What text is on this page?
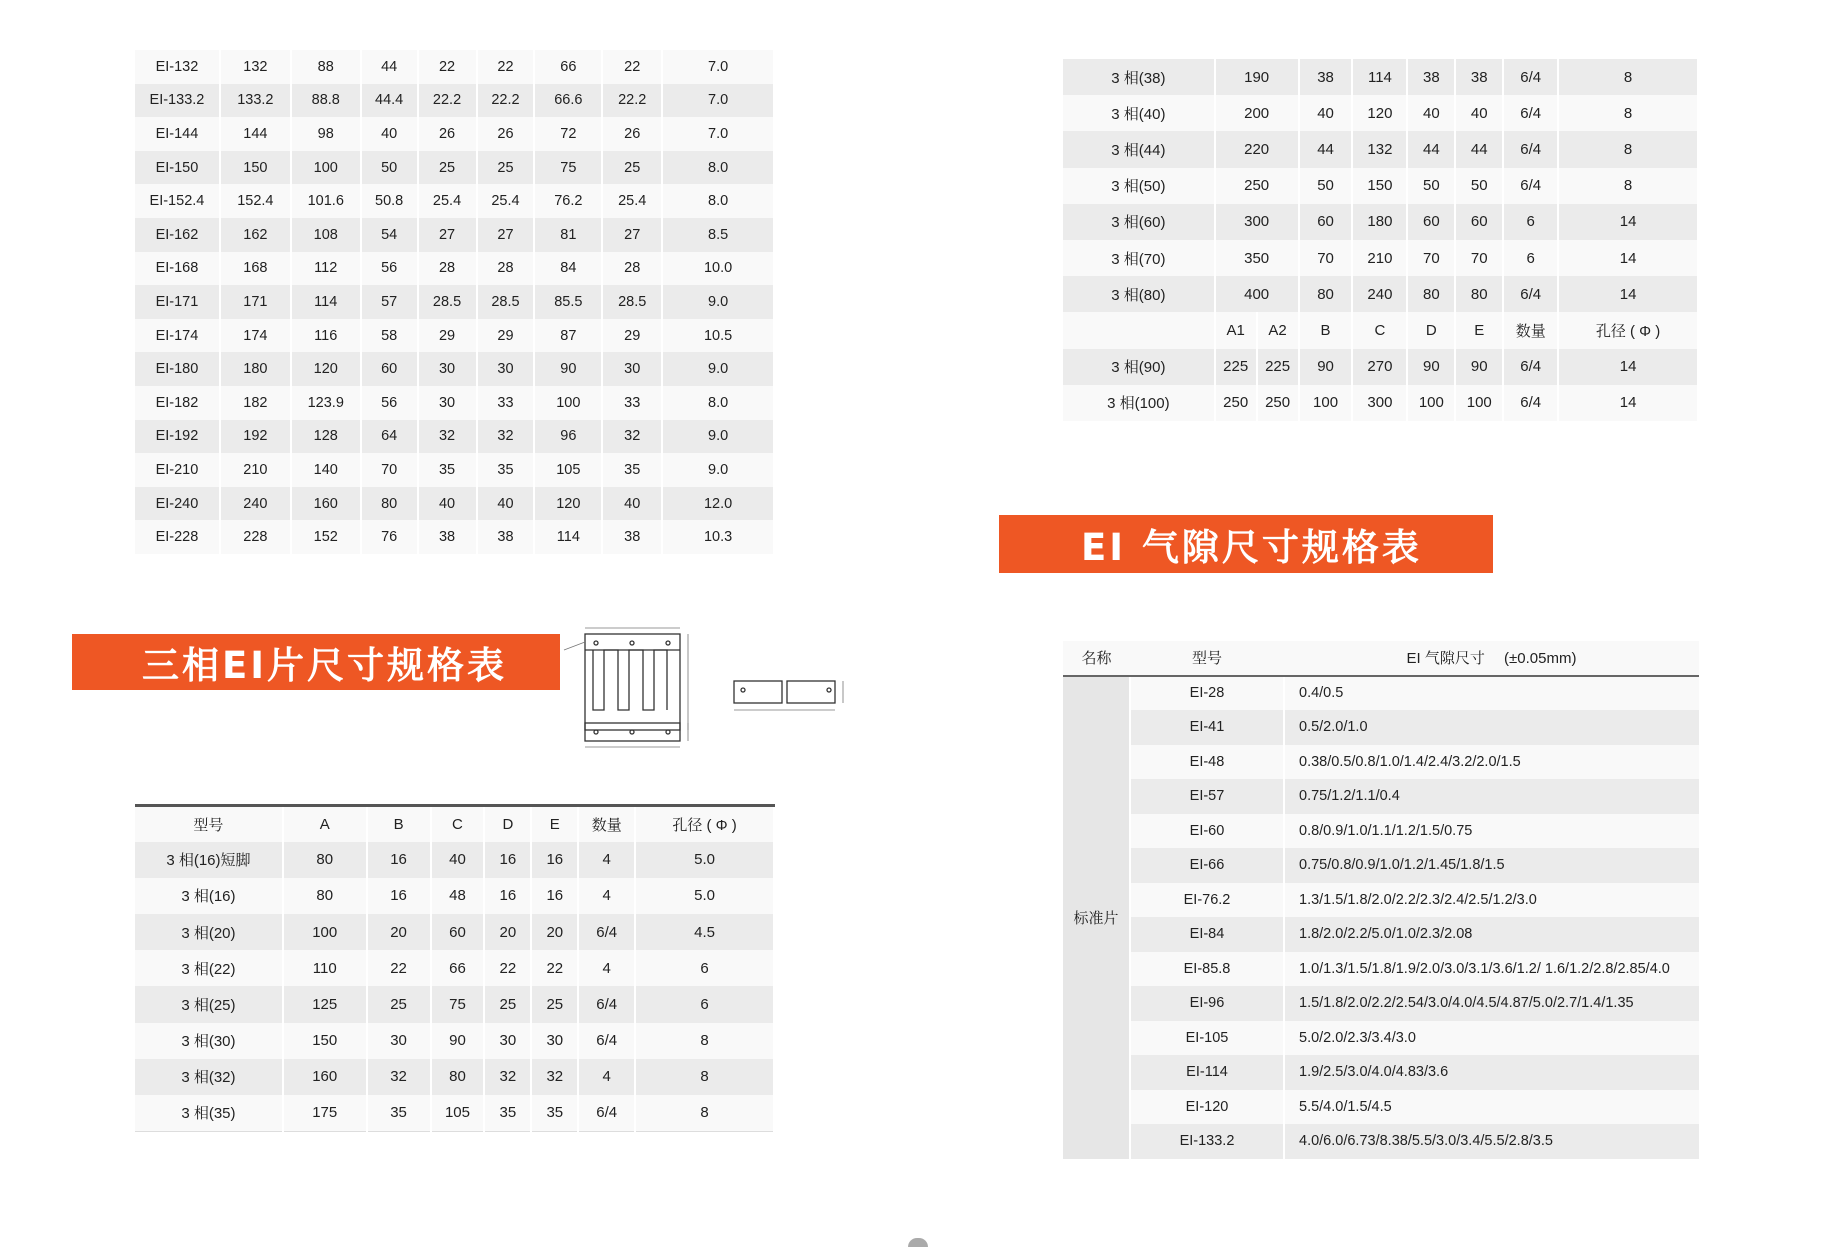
EI-132	132	88	44	22	22	66	22	7.0
EI-133.2	133.2	88.8	44.4	22.2	22.2	66.6	22.2	7.0
EI-144	144	98	40	26	26	72	26	7.0
EI-150	150	100	50	25	25	75	25	8.0
EI-152.4	152.4	101.6	50.8	25.4	25.4	76.2	25.4	8.0
EI-162	162	108	54	27	27	81	27	8.5
EI-168	168	112	56	28	28	84	28	10.0
EI-171	171	114	57	28.5	28.5	85.5	28.5	9.0
EI-174	174	116	58	29	29	87	29	10.5
EI-180	180	120	60	30	30	90	30	9.0
EI-182	182	123.9	56	30	33	100	33	8.0
EI-192	192	128	64	32	32	96	32	9.0
EI-210	210	140	70	35	35	105	35	9.0
EI-240	240	160	80	40	40	120	40	12.0
EI-228	228	152	76	38	38	114	38	10.3
3 相(38)	190		38	114	38	38	6/4	8
3 相(40)	200		40	120	40	40	6/4	8
3 相(44)	220		44	132	44	44	6/4	8
3 相(50)	250		50	150	50	50	6/4	8
3 相(60)	300		60	180	60	60	6	14
3 相(70)	350		70	210	70	70	6	14
3 相(80)	400		80	240	80	80	6/4	14
	A1	A2	B	C	D	E	数量	孔径 ( Φ )
3 相(90)	225	225	90	270	90	90	6/4	14
3 相(100)	250	250	100	300	100	100	6/4	14
三相EI片尺寸规格表
EI 气隙尺寸规格表
型号	A	B	C	D	E	数量	孔径 ( Φ )
3 相(16)短脚	80	16	40	16	16	4	5.0
3 相(16)	80	16	48	16	16	4	5.0
3 相(20)	100	20	60	20	20	6/4	4.5
3 相(22)	110	22	66	22	22	4	6
3 相(25)	125	25	75	25	25	6/4	6
3 相(30)	150	30	90	30	30	6/4	8
3 相(32)	160	32	80	32	32	4	8
3 相(35)	175	35	105	35	35	6/4	8
名称	型号	EI 气隙尺寸　 (±0.05mm)
标准片	EI-28	0.4/0.5
	EI-41	0.5/2.0/1.0
	EI-48	0.38/0.5/0.8/1.0/1.4/2.4/3.2/2.0/1.5
	EI-57	0.75/1.2/1.1/0.4
	EI-60	0.8/0.9/1.0/1.1/1.2/1.5/0.75
	EI-66	0.75/0.8/0.9/1.0/1.2/1.45/1.8/1.5
	EI-76.2	1.3/1.5/1.8/2.0/2.2/2.3/2.4/2.5/1.2/3.0
	EI-84	1.8/2.0/2.2/5.0/1.0/2.3/2.08
	EI-85.8	1.0/1.3/1.5/1.8/1.9/2.0/3.0/3.1/3.6/1.2/ 1.6/1.2/2.8/2.85/4.0
	EI-96	1.5/1.8/2.0/2.2/2.54/3.0/4.0/4.5/4.87/5.0/2.7/1.4/1.35
	EI-105	5.0/2.0/2.3/3.4/3.0
	EI-114	1.9/2.5/3.0/4.0/4.83/3.6
	EI-120	5.5/4.0/1.5/4.5
	EI-133.2	4.0/6.0/6.73/8.38/5.5/3.0/3.4/5.5/2.8/3.5
